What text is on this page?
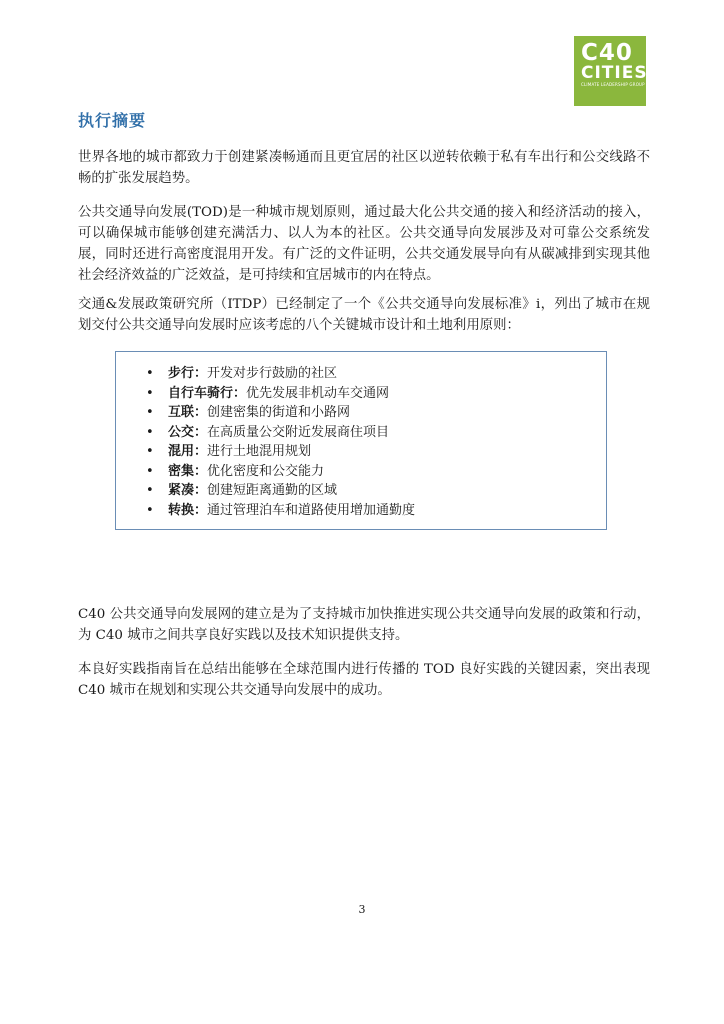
C40
CITIES
CLIMATE LEADERSHIP GROUP
执行摘要

世界各地的城市都致力于创建紧凑畅通而且更宜居的社区以逆转依赖于私有车出行和公交线路不畅的扩张发展趋势。

公共交通导向发展(TOD)是一种城市规划原则，通过最大化公共交通的接入和经济活动的接入，可以确保城市能够创建充满活力、以人为本的社区。公共交通导向发展涉及对可靠公交系统发展，同时还进行高密度混用开发。有广泛的文件证明，公共交通发展导向有从碳减排到实现其他社会经济效益的广泛效益，是可持续和宜居城市的内在特点。

交通&发展政策研究所（ITDP）已经制定了一个《公共交通导向发展标准》i，列出了城市在规划交付公共交通导向发展时应该考虑的八个关键城市设计和土地利用原则：

• 步行：开发对步行鼓励的社区
• 自行车骑行：优先发展非机动车交通网
• 互联：创建密集的街道和小路网
• 公交：在高质量公交附近发展商住项目
• 混用：进行土地混用规划
• 密集：优化密度和公交能力
• 紧凑：创建短距离通勤的区域
• 转换：通过管理泊车和道路使用增加通勤度

C40 公共交通导向发展网的建立是为了支持城市加快推进实现公共交通导向发展的政策和行动，为 C40 城市之间共享良好实践以及技术知识提供支持。

本良好实践指南旨在总结出能够在全球范围内进行传播的 TOD 良好实践的关键因素，突出表现 C40 城市在规划和实现公共交通导向发展中的成功。

3
